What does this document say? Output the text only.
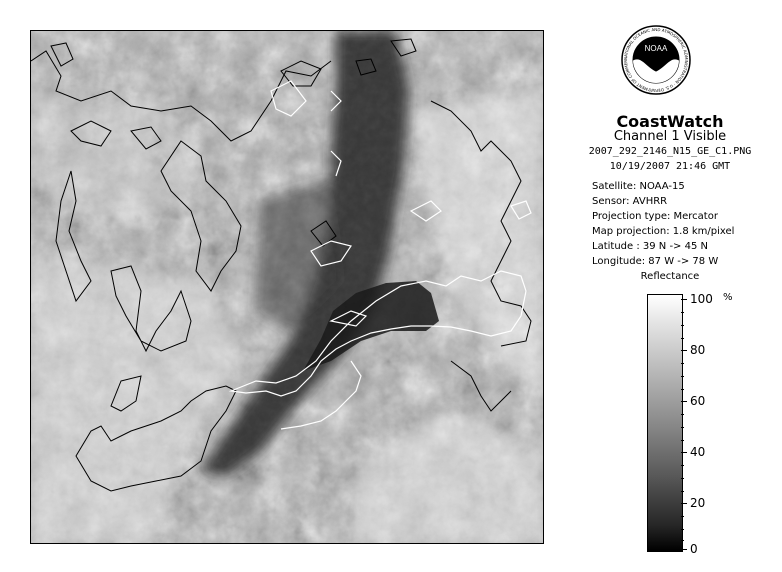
NOAA
NATIONAL OCEANIC AND ATMOSPHERIC ADMINISTRATION · U.S. DEPARTMENT OF COMMER
CoastWatch
Channel 1 Visible
2007_292_2146_N15_GE_C1.PNG
10/19/2007 21:46 GMT
Satellite: NOAA-15
Sensor: AVHRR
Projection type: Mercator
Map projection: 1.8 km/pixel
Latitude : 39 N -> 45 N
Longitude: 87 W -> 78 W
Reflectance
%
100
80
60
40
20
0
